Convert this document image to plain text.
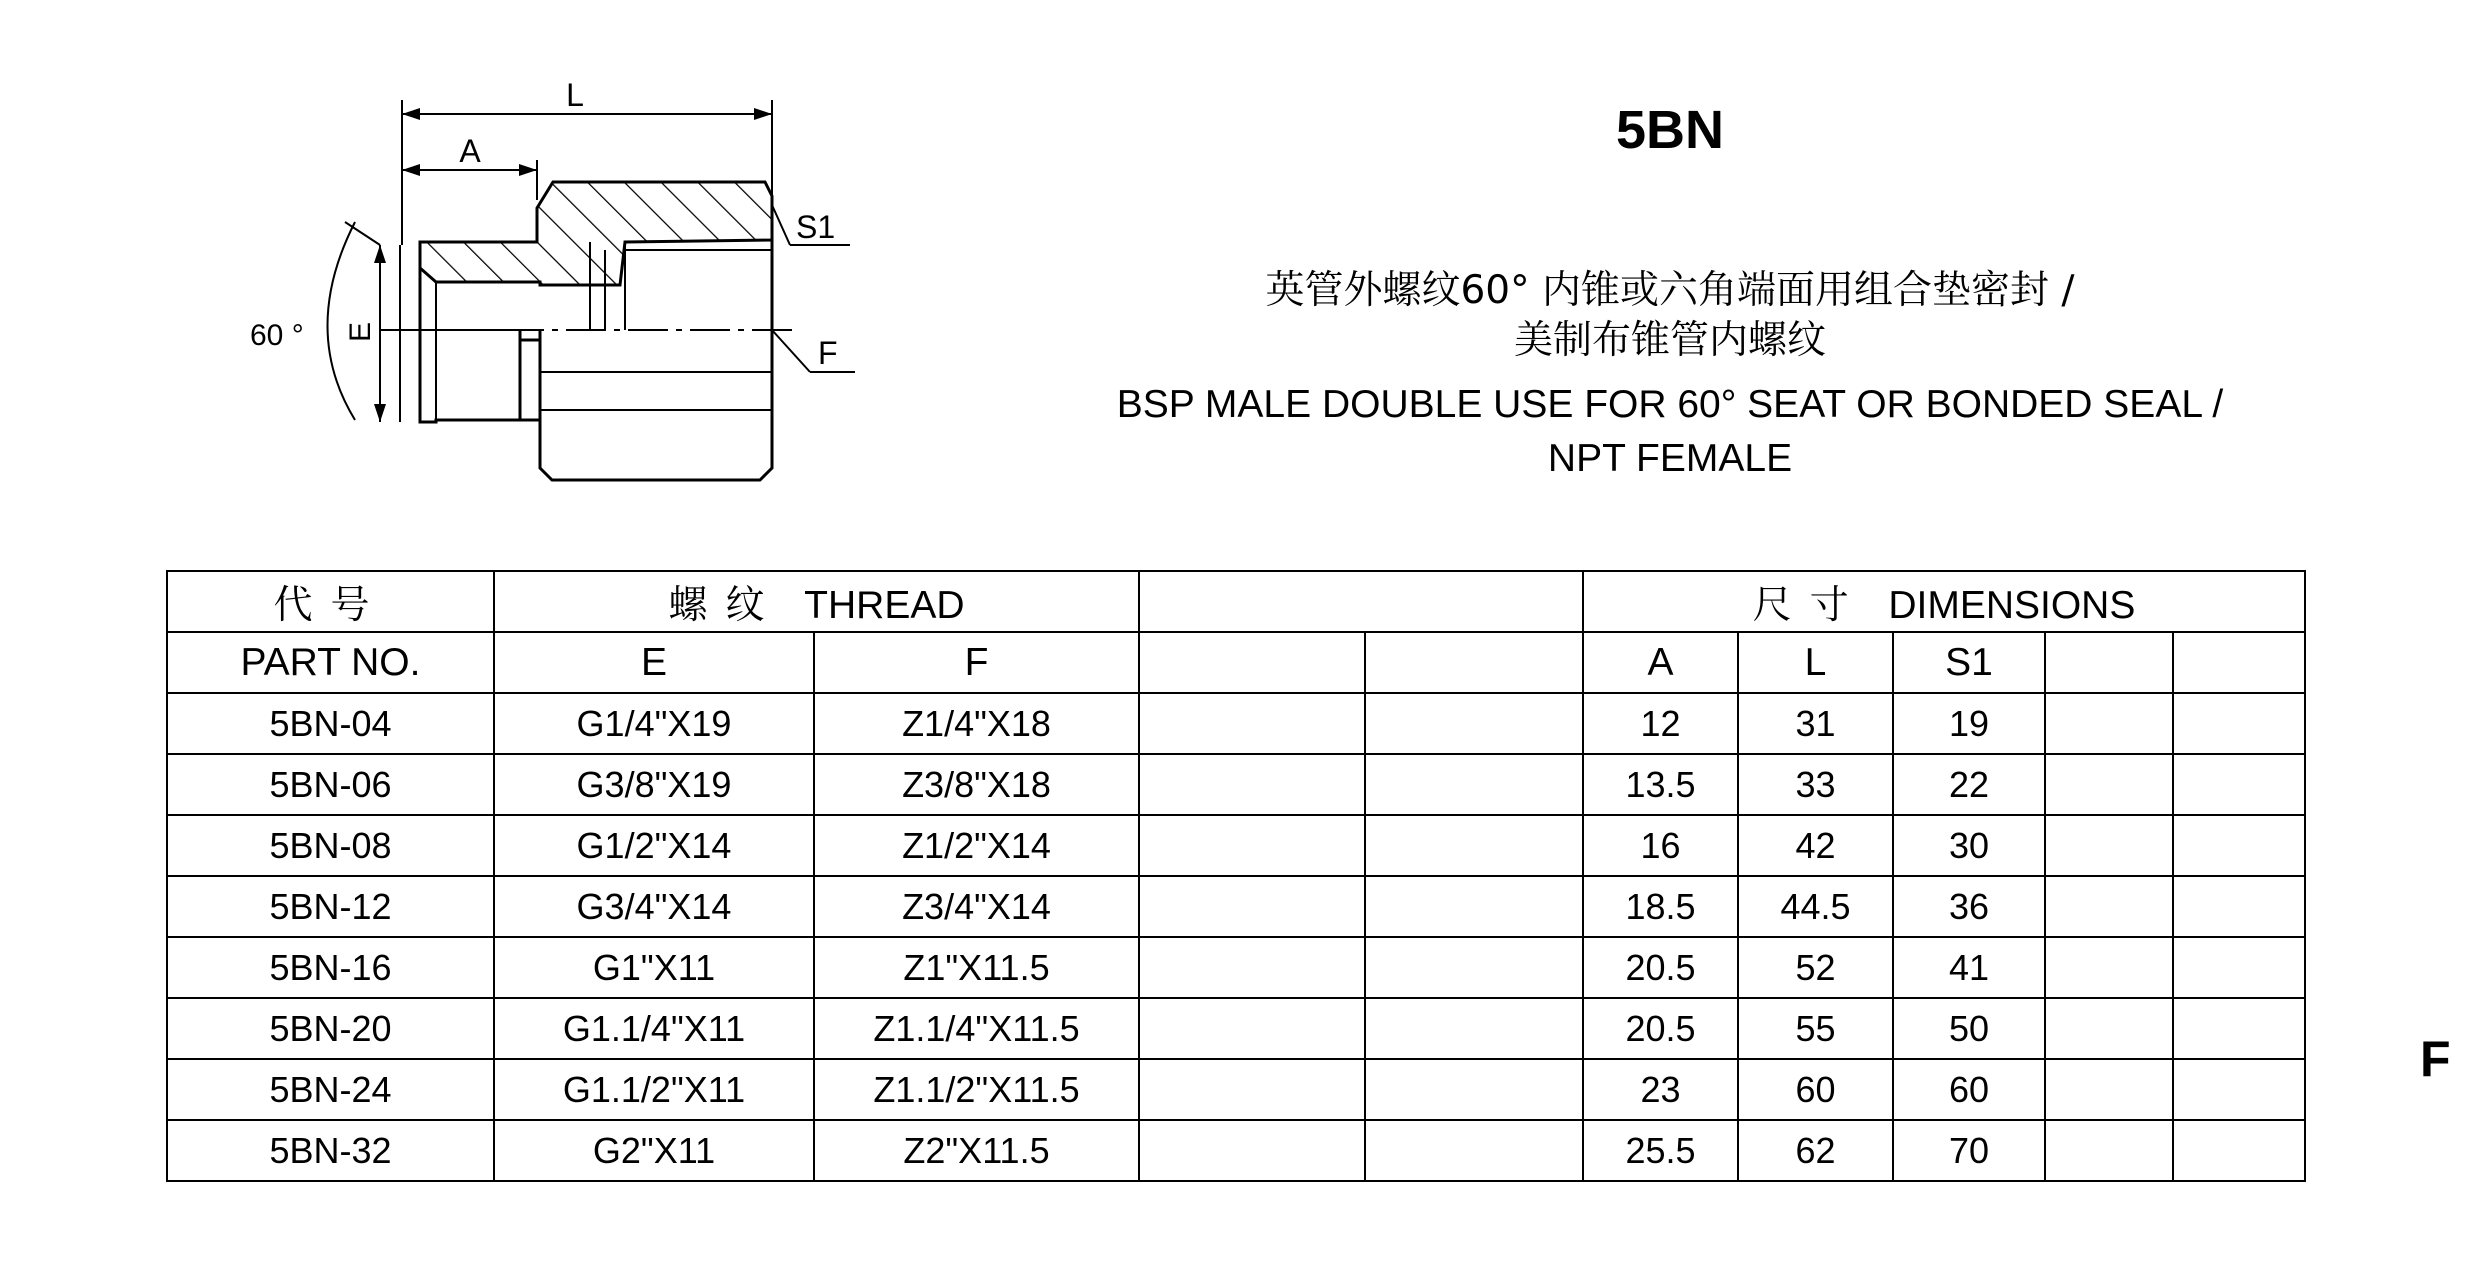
L
A
E
60 °
S1
F
5BN
英管外螺纹60° 内锥或六角端面用组合垫密封 /
美制布锥管内螺纹
BSP MALE DOUBLE USE FOR 60° SEAT OR BONDED SEAL /
NPT FEMALE
代号	螺纹 THREAD				尺寸 DIMENSIONS				
PART NO.	E	F			A	L	S1		
5BN-04	G1/4"X19	Z1/4"X18			12	31	19		
5BN-06	G3/8"X19	Z3/8"X18			13.5	33	22		
5BN-08	G1/2"X14	Z1/2"X14			16	42	30		
5BN-12	G3/4"X14	Z3/4"X14			18.5	44.5	36		
5BN-16	G1"X11	Z1"X11.5			20.5	52	41		
5BN-20	G1.1/4"X11	Z1.1/4"X11.5			20.5	55	50		
5BN-24	G1.1/2"X11	Z1.1/2"X11.5			23	60	60		
5BN-32	G2"X11	Z2"X11.5			25.5	62	70		
F
